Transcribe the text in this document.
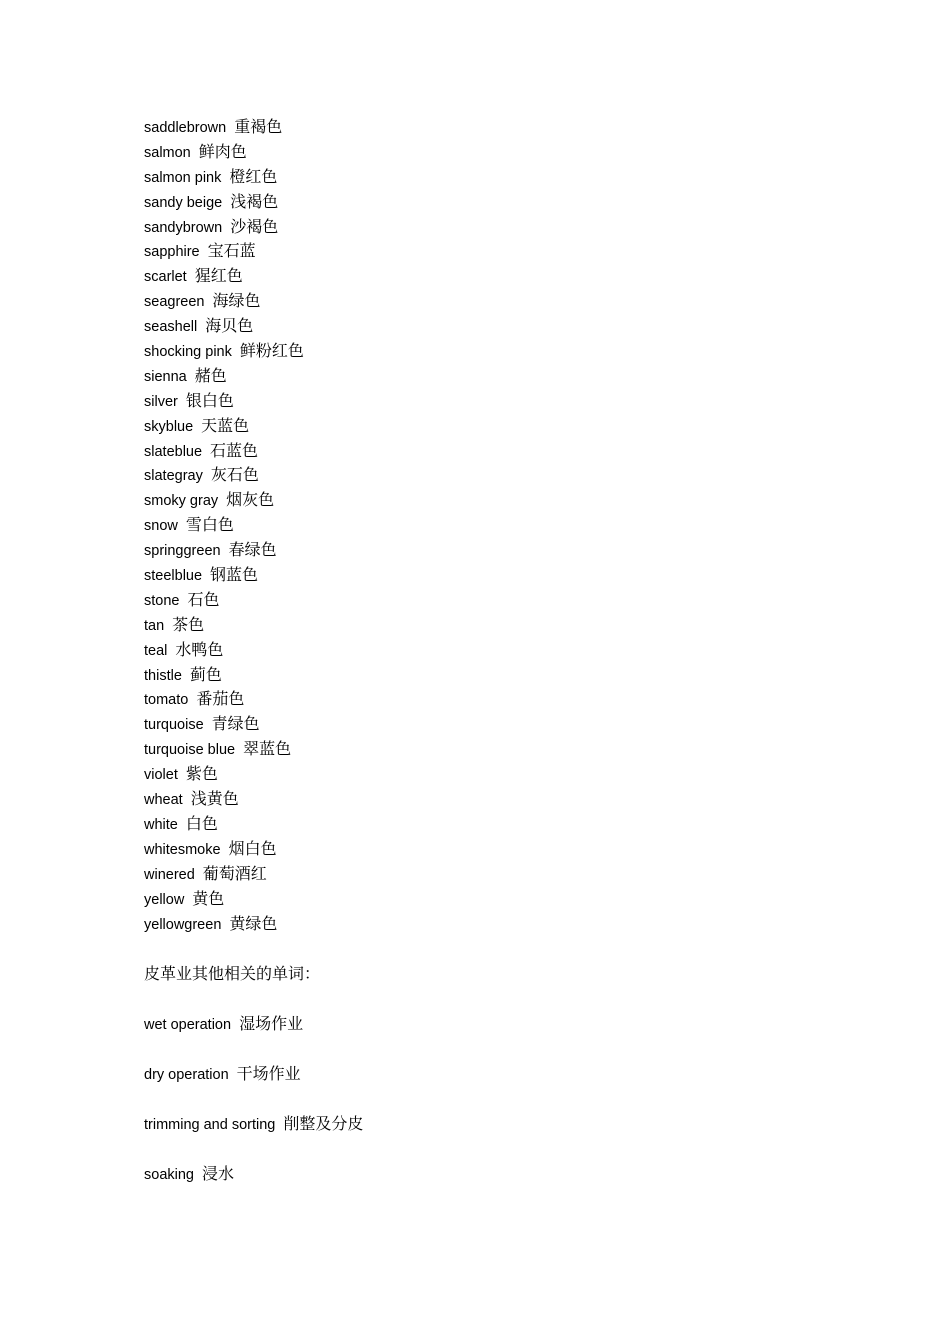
saddlebrown 重褐色
salmon 鲜肉色
salmon pink 橙红色
sandy beige 浅褐色
sandybrown 沙褐色
sapphire 宝石蓝
scarlet 猩红色
seagreen 海绿色
seashell 海贝色
shocking pink 鲜粉红色
sienna 赭色
silver 银白色
skyblue 天蓝色
slateblue 石蓝色
slategray 灰石色
smoky gray 烟灰色
snow 雪白色
springgreen 春绿色
steelblue 钢蓝色
stone 石色
tan 茶色
teal 水鸭色
thistle 蓟色
tomato 番茄色
turquoise 青绿色
turquoise blue 翠蓝色
violet 紫色
wheat 浅黄色
white 白色
whitesmoke 烟白色
winered 葡萄酒红
yellow 黄色
yellowgreen 黄绿色
皮革业其他相关的单词：
wet operation 湿场作业
dry operation 干场作业
trimming and sorting 削整及分皮
soaking 浸水
